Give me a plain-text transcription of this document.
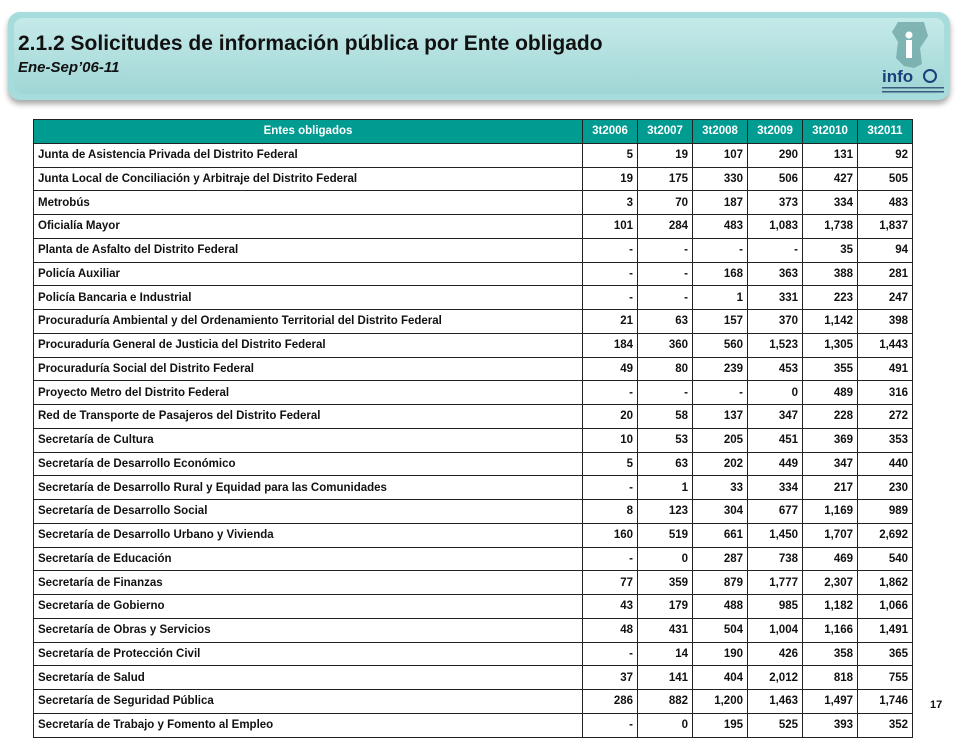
2.1.2 Solicitudes de información pública por Ente obligado
Ene-Sep’06-11	info
Entes obligados	3t2006	3t2007	3t2008	3t2009	3t2010	3t2011
Junta de Asistencia Privada del Distrito Federal	5	19	107	290	131	92
Junta Local de Conciliación y Arbitraje del Distrito Federal	19	175	330	506	427	505
Metrobús	3	70	187	373	334	483
Oficialía Mayor	101	284	483	1,083	1,738	1,837
Planta de Asfalto del Distrito Federal	-	-	-	-	35	94
Policía Auxiliar	-	-	168	363	388	281
Policía Bancaria e Industrial	-	-	1	331	223	247
Procuraduría Ambiental y del Ordenamiento Territorial del Distrito Federal	21	63	157	370	1,142	398
Procuraduría General de Justicia del Distrito Federal	184	360	560	1,523	1,305	1,443
Procuraduría Social del Distrito Federal	49	80	239	453	355	491
Proyecto Metro del Distrito Federal	-	-	-	0	489	316
Red de Transporte de Pasajeros del Distrito Federal	20	58	137	347	228	272
Secretaría de Cultura	10	53	205	451	369	353
Secretaría de Desarrollo Económico	5	63	202	449	347	440
Secretaría de Desarrollo Rural y Equidad para las Comunidades	-	1	33	334	217	230
Secretaría de Desarrollo Social	8	123	304	677	1,169	989
Secretaría de Desarrollo Urbano y Vivienda	160	519	661	1,450	1,707	2,692
Secretaría de Educación	-	0	287	738	469	540
Secretaría de Finanzas	77	359	879	1,777	2,307	1,862
Secretaría de Gobierno	43	179	488	985	1,182	1,066
Secretaría de Obras y Servicios	48	431	504	1,004	1,166	1,491
Secretaría de Protección Civil	-	14	190	426	358	365
Secretaría de Salud	37	141	404	2,012	818	755
Secretaría de Seguridad Pública	286	882	1,200	1,463	1,497	1,746
Secretaría de Trabajo y Fomento al Empleo	-	0	195	525	393	352
17
